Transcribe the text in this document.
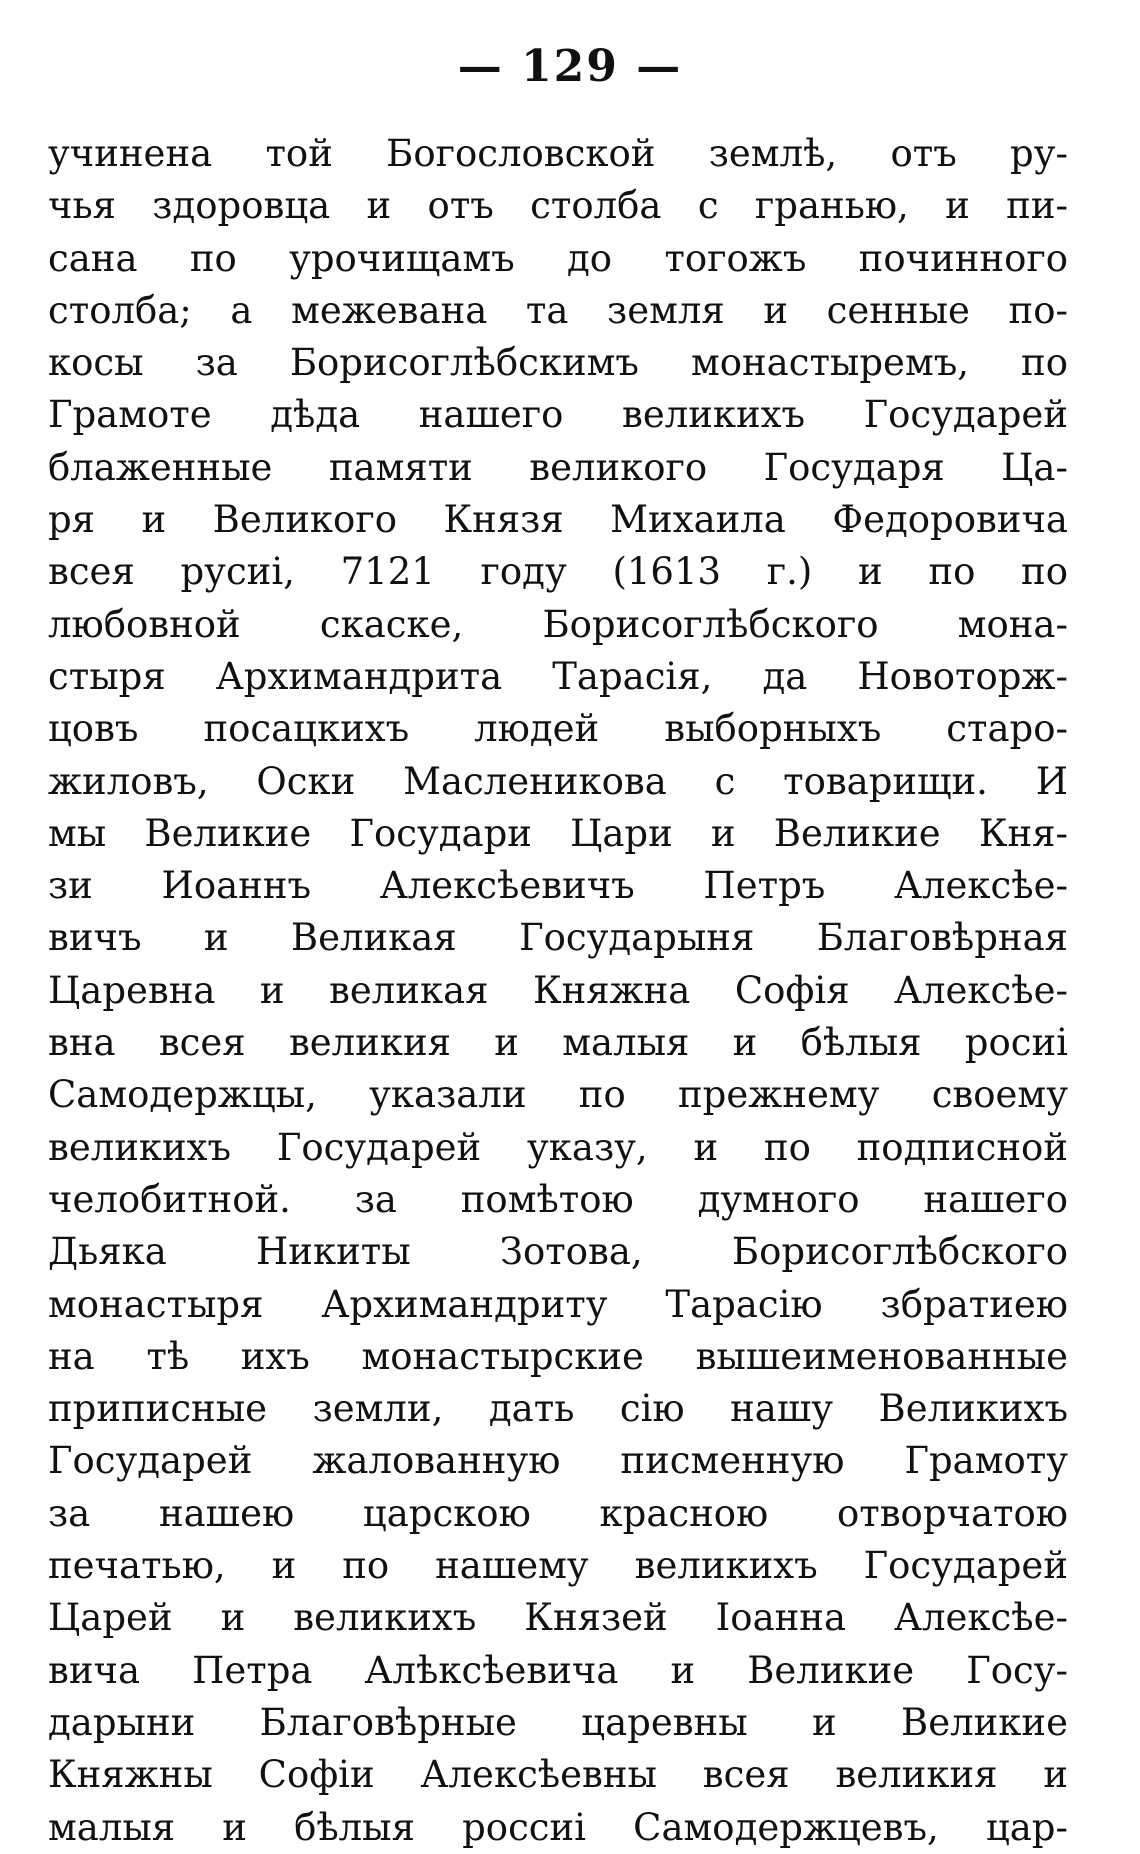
— 129 —
учинена той Богословской землѣ, отъ ру-
чья здоровца и отъ столба с гранью, и пи-
сана по урочищамъ до тогожъ починного
столба; а межевана та земля и сенные по-
косы за Борисоглѣбскимъ монастыремъ, по
Грамоте дѣда нашего великихъ Государей
блаженные памяти великого Государя Ца-
ря и Великого Князя Михаила Федоровича
всея русиі, 7121 году (1613 г.) и по по
любовной скаске, Борисоглѣбского мона-
стыря Архимандрита Тарасія, да Новоторж-
цовъ посацкихъ людей выборныхъ старо-
жиловъ, Оски Масленикова с товарищи. И
мы Великие Государи Цари и Великие Кня-
зи Иоаннъ Алексѣевичъ Петръ Алексѣе-
вичъ и Великая Государыня Благовѣрная
Царевна и великая Княжна Софія Алексѣе-
вна всея великия и малыя и бѣлыя росиі
Самодержцы, указали по прежнему своему
великихъ Государей указу, и по подписной
челобитной. за помѣтою думного нашего
Дьяка Никиты Зотова, Борисоглѣбского
монастыря Архимандриту Тарасію збратиею
на тѣ ихъ монастырские вышеименованные
приписные земли, дать сію нашу Великихъ
Государей жалованную писменную Грамоту
за нашею царскою красною отворчатою
печатью, и по нашему великихъ Государей
Царей и великихъ Князей Іоанна Алексѣе-
вича Петра Алѣксѣевича и Великие Госу-
дарыни Благовѣрные царевны и Великие
Княжны Софіи Алексѣевны всея великия и
малыя и бѣлыя россиі Самодержцевъ, цар-
